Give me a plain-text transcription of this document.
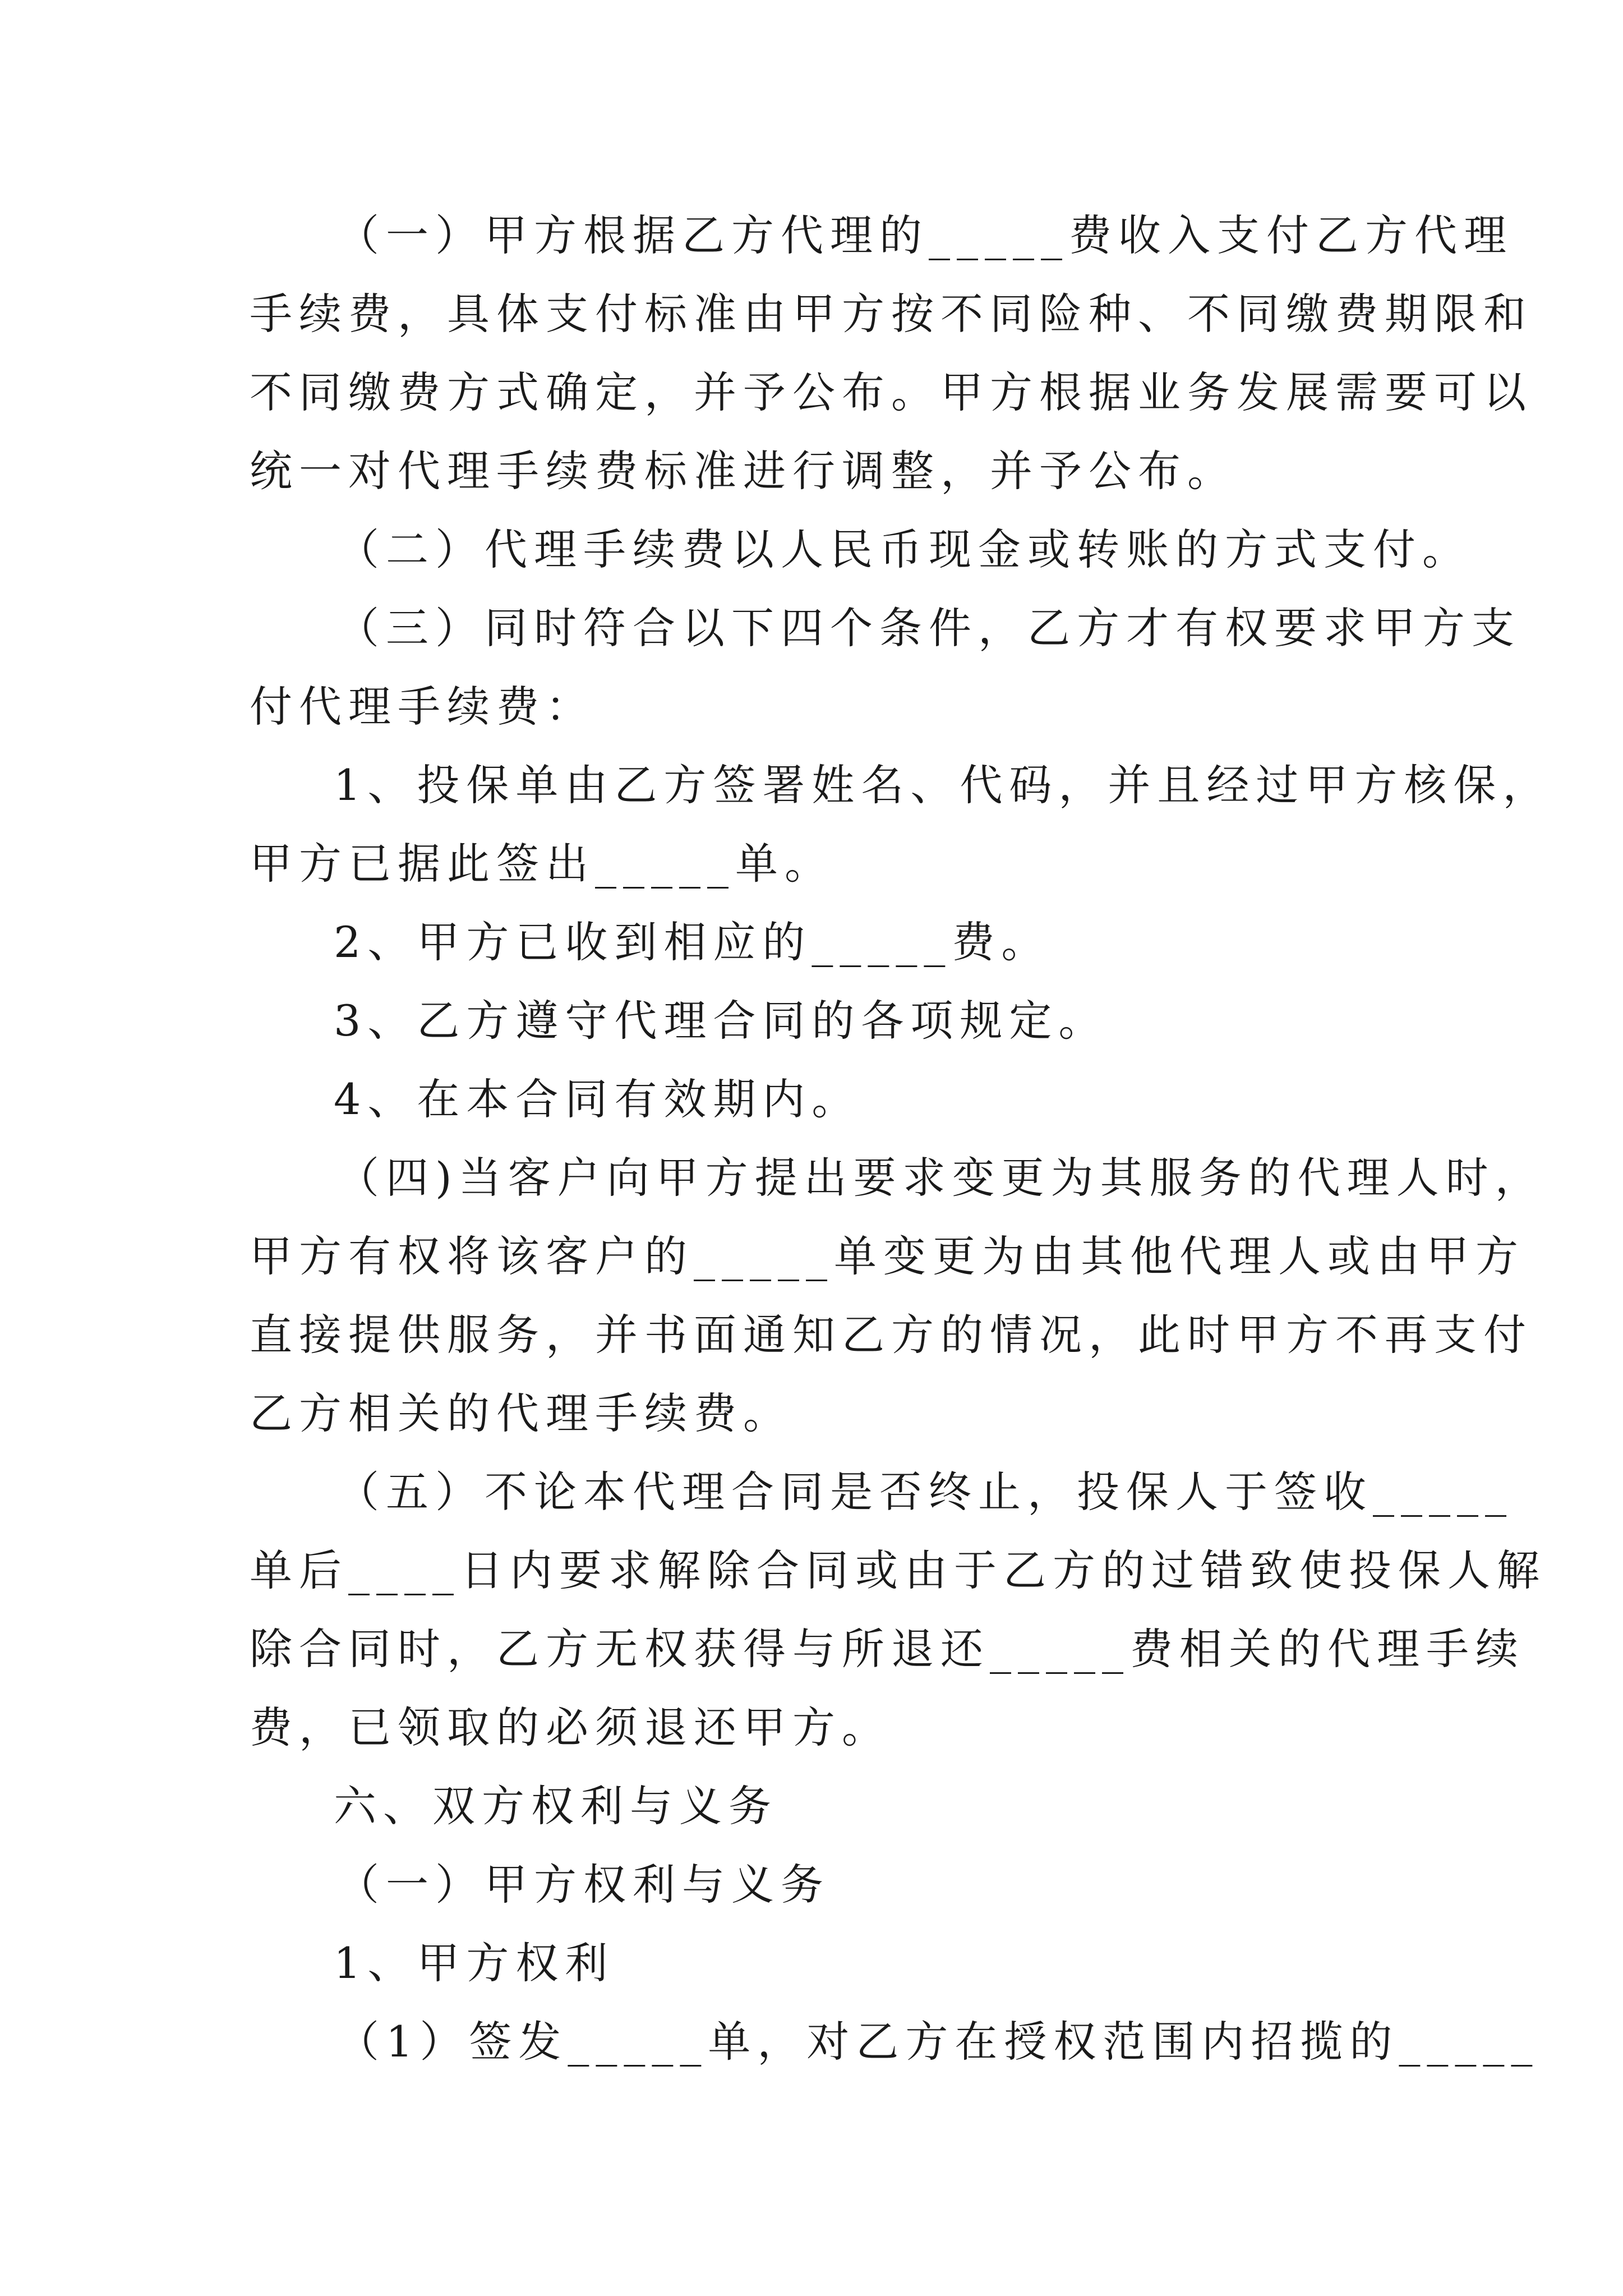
（一）甲方根据乙方代理的_____费收入支付乙方代理
手续费，具体支付标准由甲方按不同险种、不同缴费期限和
不同缴费方式确定，并予公布。甲方根据业务发展需要可以
统一对代理手续费标准进行调整，并予公布。
（二）代理手续费以人民币现金或转账的方式支付。
（三）同时符合以下四个条件，乙方才有权要求甲方支
付代理手续费：
1、投保单由乙方签署姓名、代码，并且经过甲方核保，
甲方已据此签出_____单。
2、甲方已收到相应的_____费。
3、乙方遵守代理合同的各项规定。
4、在本合同有效期内。
（四)当客户向甲方提出要求变更为其服务的代理人时，
甲方有权将该客户的_____单变更为由其他代理人或由甲方
直接提供服务，并书面通知乙方的情况，此时甲方不再支付
乙方相关的代理手续费。
（五）不论本代理合同是否终止，投保人于签收_____
单后____日内要求解除合同或由于乙方的过错致使投保人解
除合同时，乙方无权获得与所退还_____费相关的代理手续
费，已领取的必须退还甲方。
六、双方权利与义务
（一）甲方权利与义务
1、甲方权利
（1）签发_____单，对乙方在授权范围内招揽的_____
